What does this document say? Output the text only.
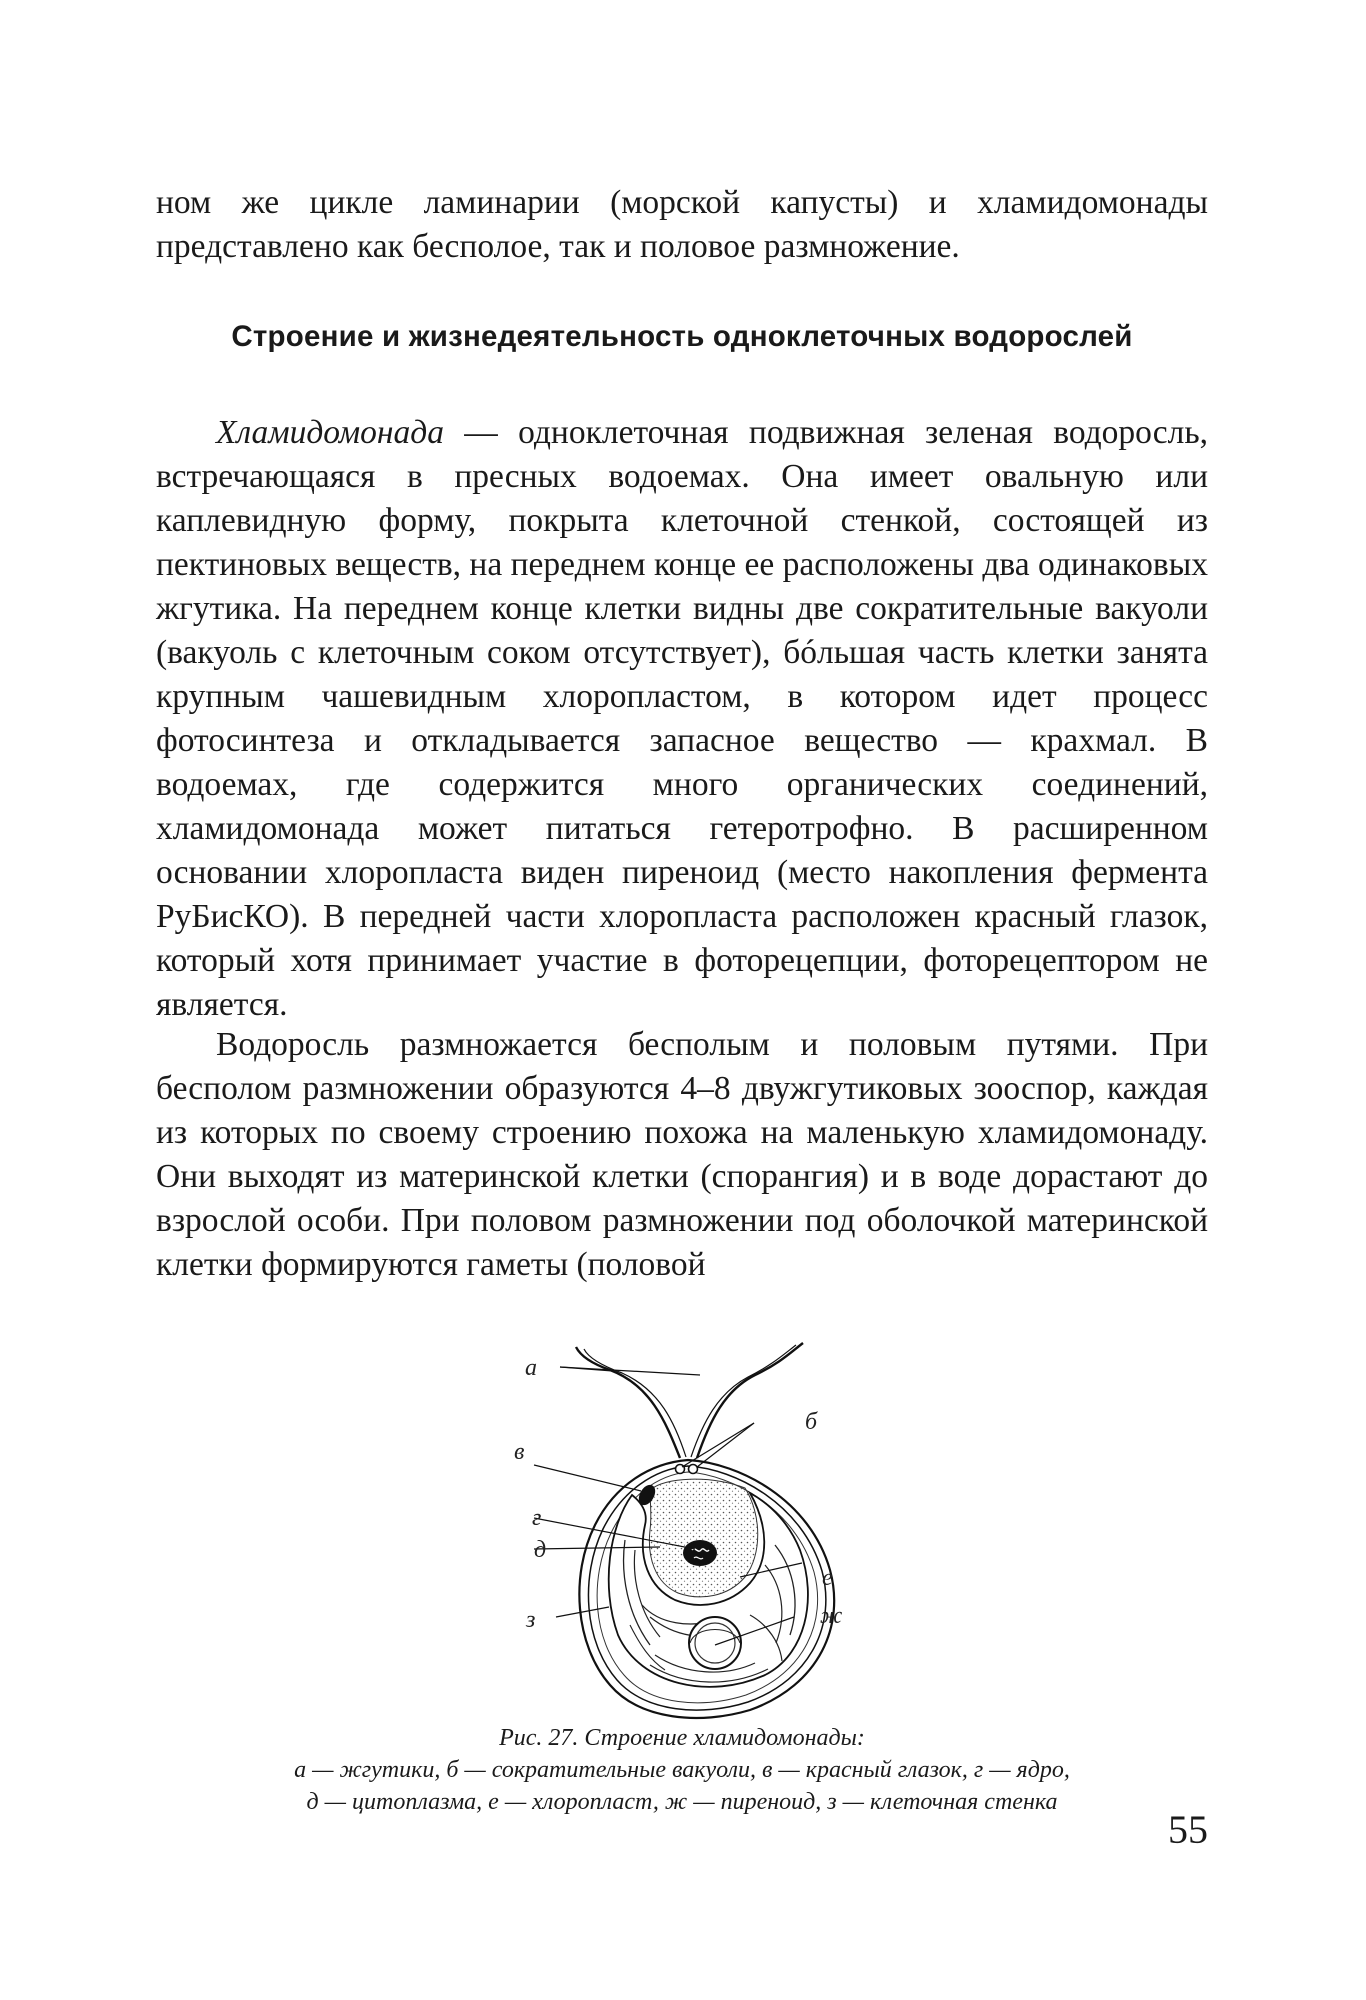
ном же цикле ламинарии (морской капусты) и хламидомонады представлено как бесполое, так и половое размножение.

Строение и жизнедеятельность одноклеточных водорослей

Хламидомонада — одноклеточная подвижная зеленая водоросль, встречающаяся в пресных водоемах. Она имеет овальную или каплевидную форму, покрыта клеточной стенкой, состоящей из пектиновых веществ, на переднем конце ее расположены два одинаковых жгутика. На переднем конце клетки видны две сократительные вакуоли (вакуоль с клеточным соком отсутствует), бóльшая часть клетки занята крупным чашевидным хлоропластом, в котором идет процесс фотосинтеза и откладывается запасное вещество — крахмал. В водоемах, где содержится много органических соединений, хламидомонада может питаться гетеротрофно. В расширенном основании хлоропласта виден пиреноид (место накопления фермента РуБисКО). В передней части хлоропласта расположен красный глазок, который хотя принимает участие в фоторецепции, фоторецептором не является.

Водоросль размножается бесполым и половым путями. При бесполом размножении образуются 4–8 двужгутиковых зооспор, каждая из которых по своему строению похожа на маленькую хламидомонаду. Они выходят из материнской клетки (спорангия) и в воде дорастают до взрослой особи. При половом размножении под оболочкой материнской клетки формируются гаметы (половой

а
б
в
г
д
е
ж
з
Рис. 27. Строение хламидомонады:
а — жгутики, б — сократительные вакуоли, в — красный глазок, г — ядро,
д — цитоплазма, е — хлоропласт, ж — пиреноид, з — клеточная стенка
55
